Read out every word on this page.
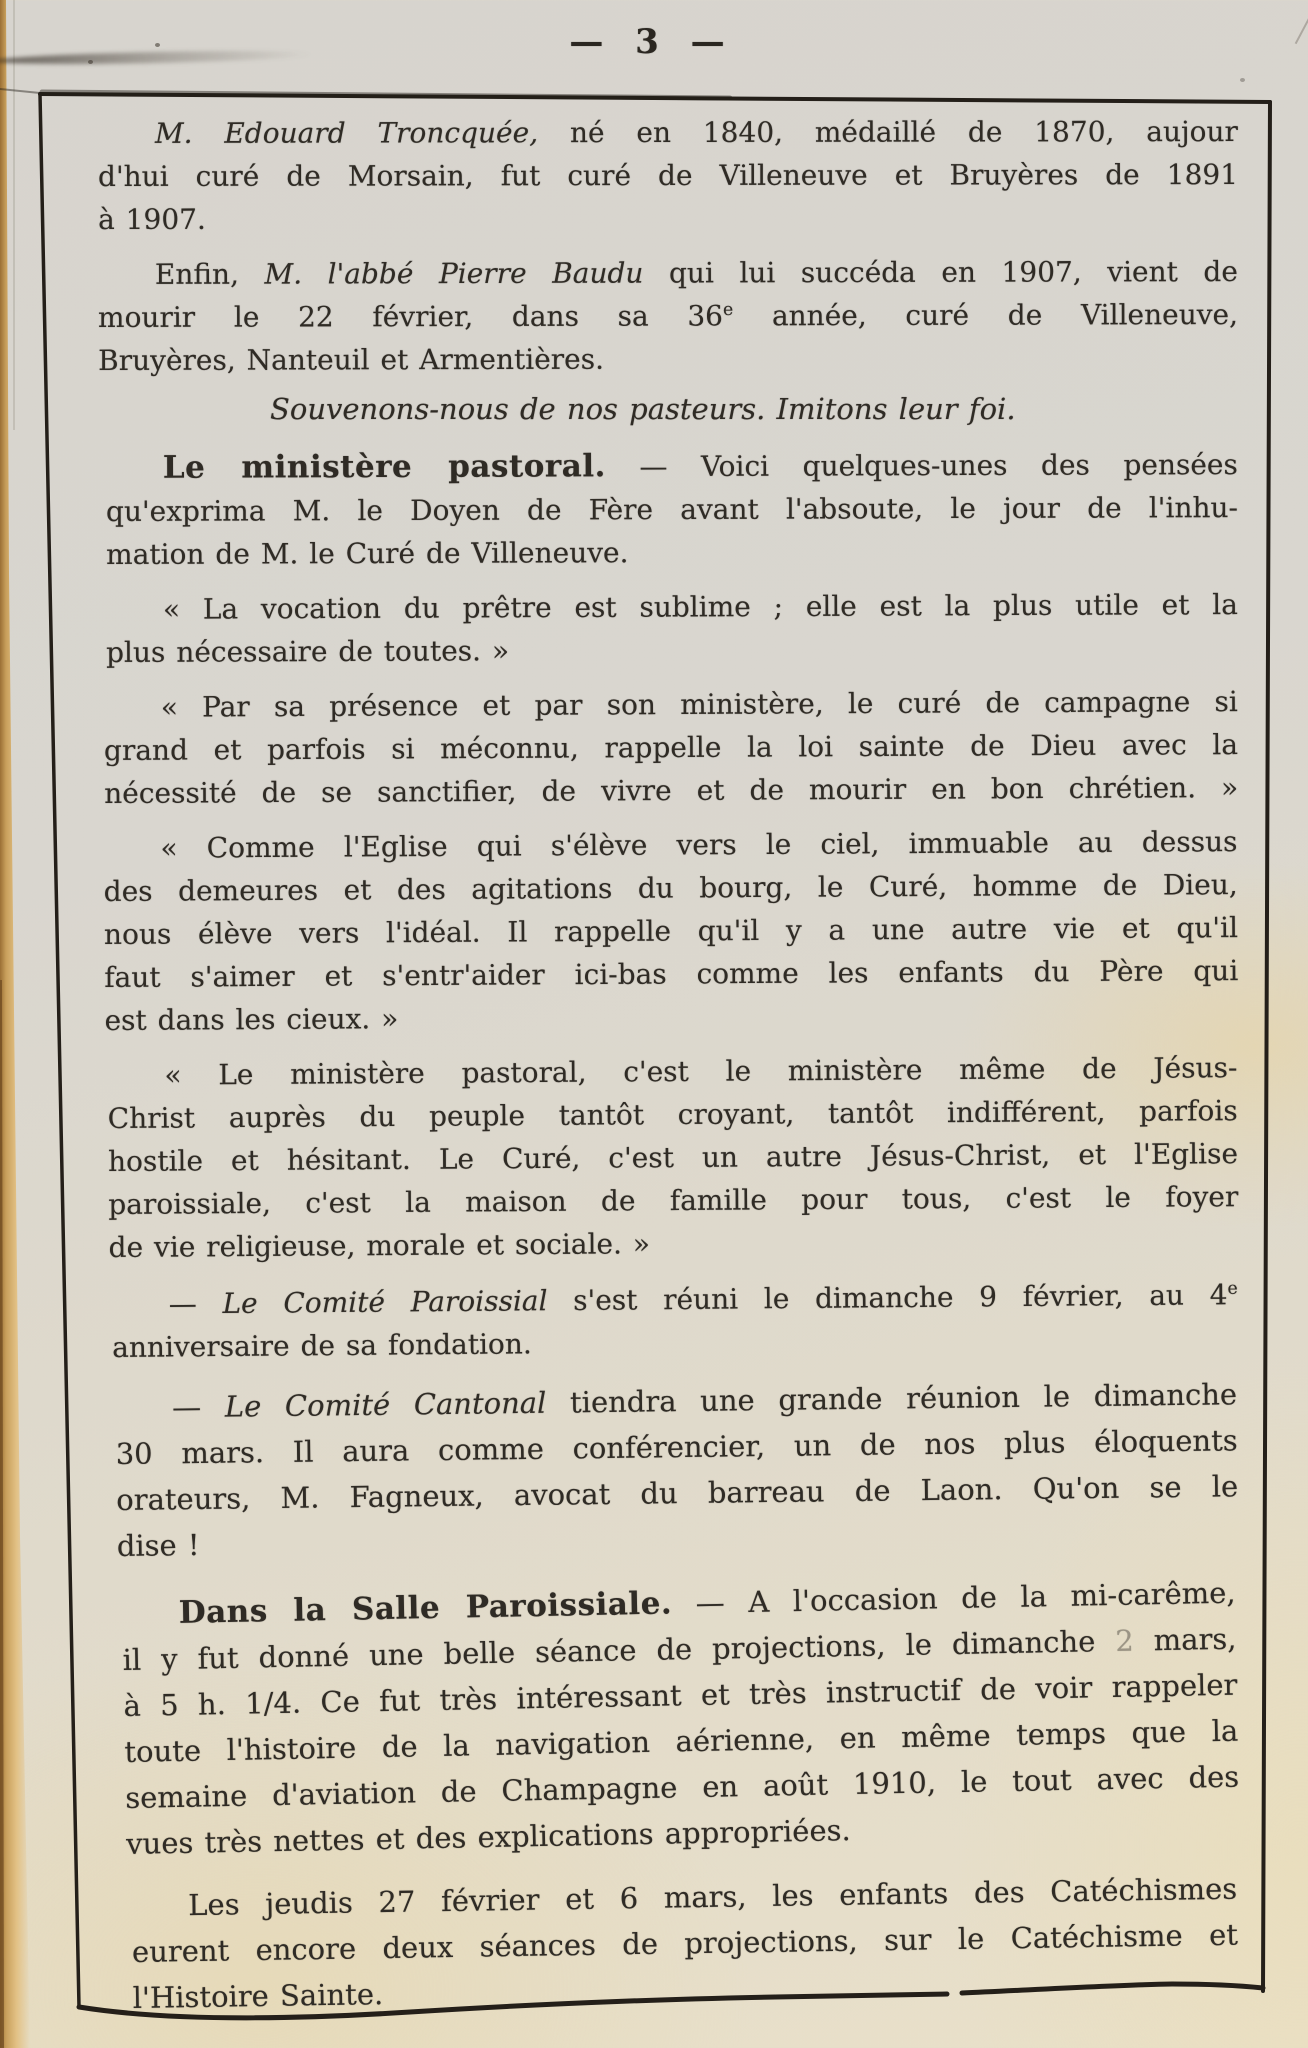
— 3 —
M. Edouard Troncquée, né en 1840, médaillé de 1870, aujour
d'hui curé de Morsain, fut curé de Villeneuve et Bruyères de 1891
à 1907.
Enfin, M. l'abbé Pierre Baudu qui lui succéda en 1907, vient de
mourir le 22 février, dans sa 36e année, curé de Villeneuve,
Bruyères, Nanteuil et Armentières.
Souvenons-nous de nos pasteurs. Imitons leur foi.
Le ministère pastoral. — Voici quelques-unes des pensées
qu'exprima M. le Doyen de Fère avant l'absoute, le jour de l'inhu-
mation de M. le Curé de Villeneuve.
« La vocation du prêtre est sublime ; elle est la plus utile et la
plus nécessaire de toutes. »
« Par sa présence et par son ministère, le curé de campagne si
grand et parfois si méconnu, rappelle la loi sainte de Dieu avec la
nécessité de se sanctifier, de vivre et de mourir en bon chrétien. »
« Comme l'Eglise qui s'élève vers le ciel, immuable au dessus
des demeures et des agitations du bourg, le Curé, homme de Dieu,
nous élève vers l'idéal. Il rappelle qu'il y a une autre vie et qu'il
faut s'aimer et s'entr'aider ici-bas comme les enfants du Père qui
est dans les cieux. »
« Le ministère pastoral, c'est le ministère même de Jésus-
Christ auprès du peuple tantôt croyant, tantôt indifférent, parfois
hostile et hésitant. Le Curé, c'est un autre Jésus-Christ, et l'Eglise
paroissiale, c'est la maison de famille pour tous, c'est le foyer
de vie religieuse, morale et sociale. »
— Le Comité Paroissial s'est réuni le dimanche 9 février, au 4e
anniversaire de sa fondation.
— Le Comité Cantonal tiendra une grande réunion le dimanche
30 mars. Il aura comme conférencier, un de nos plus éloquents
orateurs, M. Fagneux, avocat du barreau de Laon. Qu'on se le
dise !
Dans la Salle Paroissiale. — A l'occasion de la mi-carême,
il y fut donné une belle séance de projections, le dimanche 2 mars,
à 5 h. 1/4. Ce fut très intéressant et très instructif de voir rappeler
toute l'histoire de la navigation aérienne, en même temps que la
semaine d'aviation de Champagne en août 1910, le tout avec des
vues très nettes et des explications appropriées.
Les jeudis 27 février et 6 mars, les enfants des Catéchismes
eurent encore deux séances de projections, sur le Catéchisme et
l'Histoire Sainte.
